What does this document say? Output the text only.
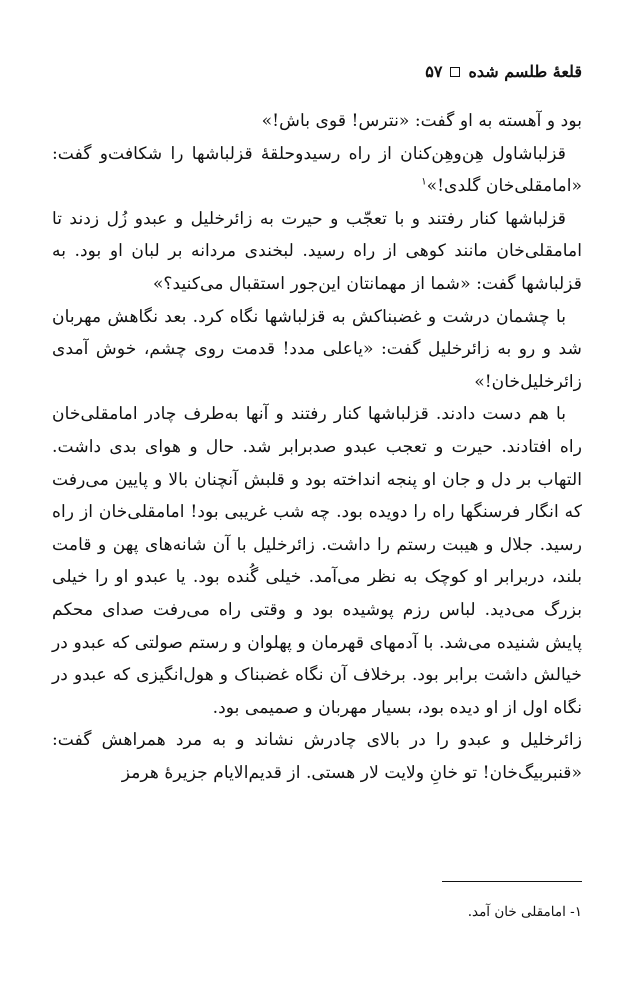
قلعهٔ طلسم شده
۵۷

بود و آهسته به او گفت: «نترس! قوی باش!»

قزلباشاول هِن‌وهِن‌کنان از راه رسیدوحلقهٔ قزلباشها را شکافت‌و گفت: «امامقلی‌خان گلدی!»$^۱$

قزلباشها کنار رفتند و با تعجّب و حیرت به زائرخلیل و عبدو زُل زدند تا امامقلی‌خان مانند کوهی از راه رسید. لبخندی مردانه بر لبان او بود. به قزلباشها گفت: «شما از مهمانتان این‌جور استقبال می‌کنید؟»

با چشمان درشت و غضبناکش به قزلباشها نگاه کرد. بعد نگاهش مهربان شد و رو به زائرخلیل گفت: «یاعلی مدد! قدمت روی چشم، خوش آمدی زائرخلیل‌خان!»

با هم دست دادند. قزلباشها کنار رفتند و آنها به‌طرف چادر امامقلی‌خان راه افتادند. حیرت و تعجب عبدو صدبرابر شد. حال و هوای بدی داشت. التهاب بر دل و جان او پنجه انداخته بود و قلبش آنچنان بالا و پایین می‌رفت که انگار فرسنگها راه را دویده بود. چه شب غریبی بود! امامقلی‌خان از راه رسید. جلال و هیبت رستم را داشت. زائرخلیل با آن شانه‌های پهن و قامت بلند، دربرابر او کوچک به نظر می‌آمد. خیلی گُنده بود. یا عبدو او را خیلی بزرگ می‌دید. لباس رزم پوشیده بود و وقتی راه می‌رفت صدای محکم پایش شنیده می‌شد. با آدمهای قهرمان و پهلوان و رستم صولتی که عبدو در خیالش داشت برابر بود. برخلاف آن نگاه غضبناک و هول‌انگیزی که عبدو در نگاه اول از او دیده بود، بسیار مهربان و صمیمی بود.

زائرخلیل و عبدو را در بالای چادرش نشاند و به مرد همراهش گفت: «قنبربیگ‌خان! تو خانِ ولایت لار هستی. از قدیم‌الایام جزیرهٔ هرمز

۱- امامقلی خان آمد.
